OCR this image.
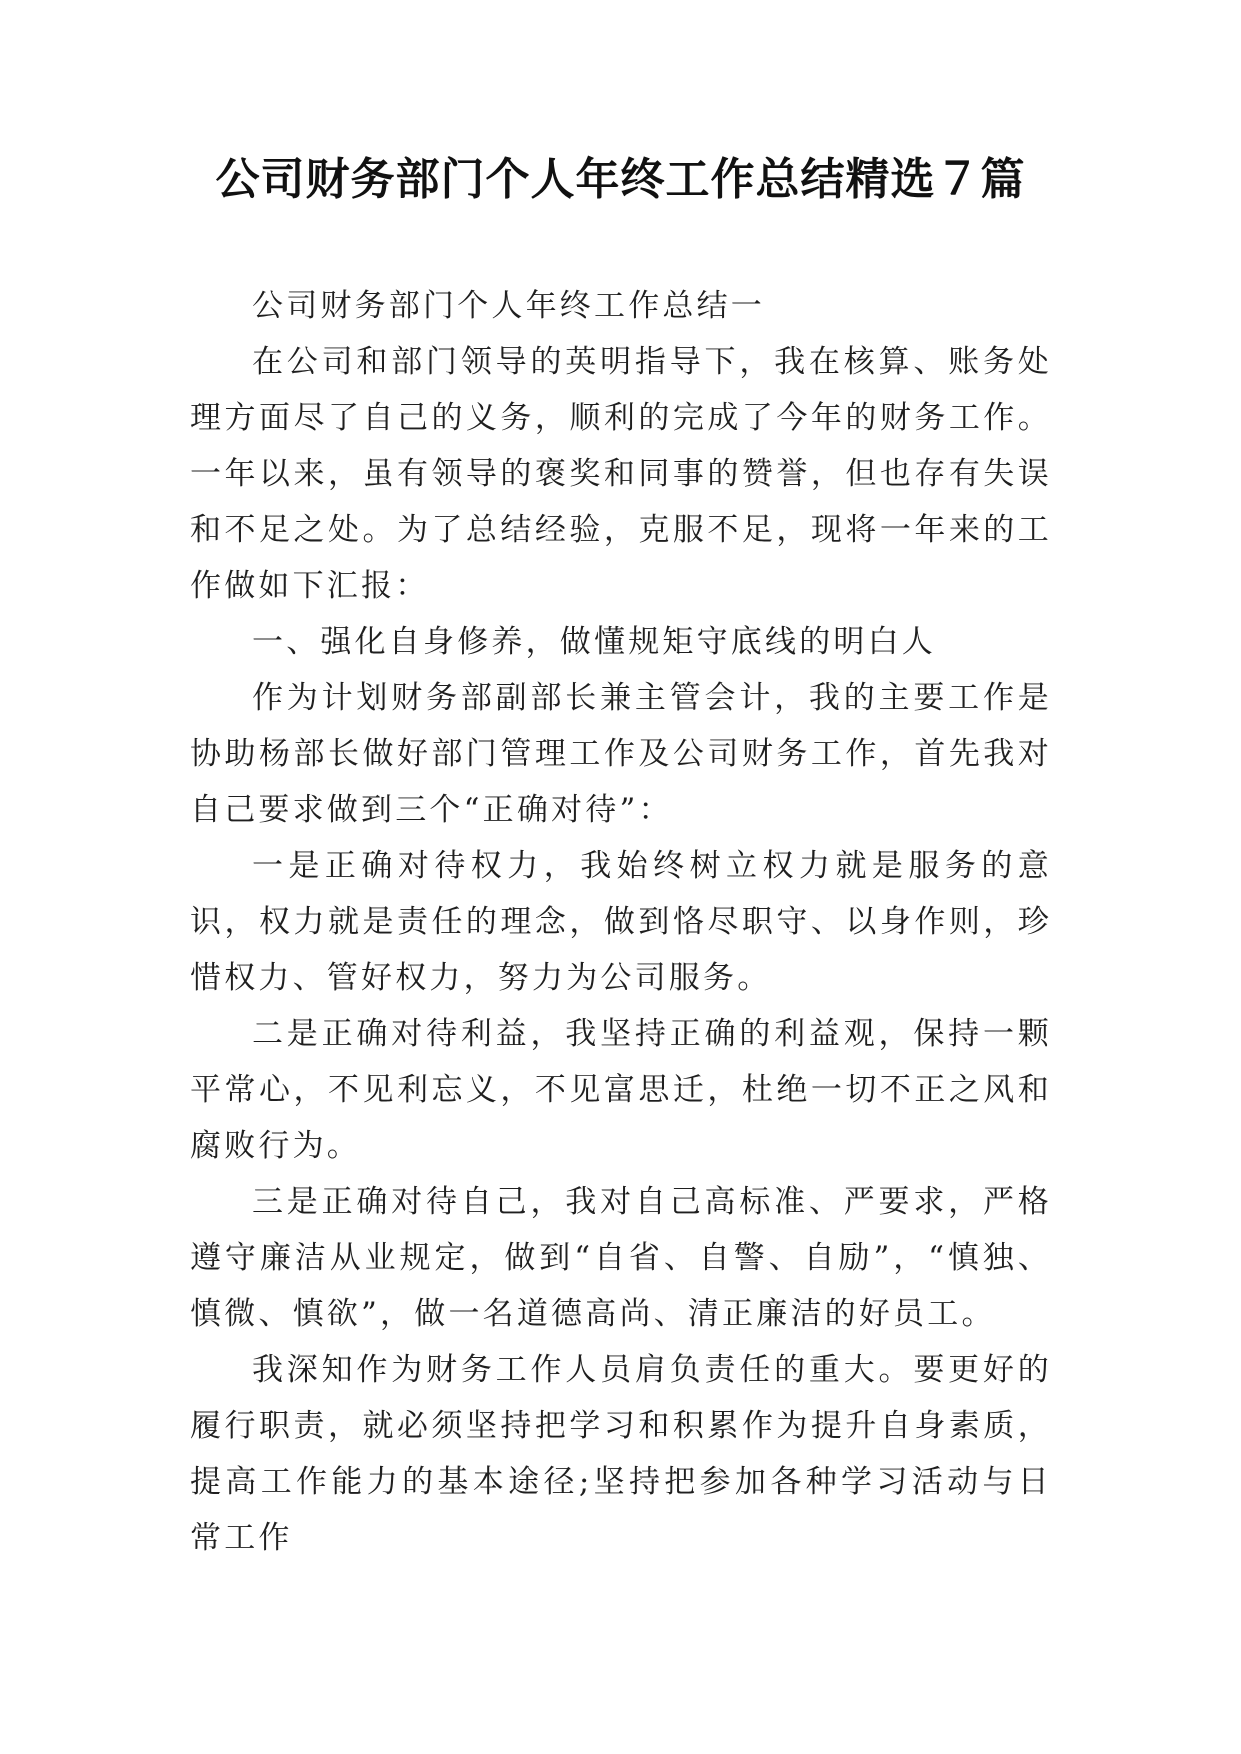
公司财务部门个人年终工作总结精选７篇

公司财务部门个人年终工作总结一

在公司和部门领导的英明指导下，我在核算、账务处理方面尽了自己的义务，顺利的完成了今年的财务工作。一年以来，虽有领导的褒奖和同事的赞誉，但也存有失误和不足之处。为了总结经验，克服不足，现将一年来的工作做如下汇报：

一、强化自身修养，做懂规矩守底线的明白人

作为计划财务部副部长兼主管会计，我的主要工作是协助杨部长做好部门管理工作及公司财务工作，首先我对自己要求做到三个“正确对待”：

一是正确对待权力，我始终树立权力就是服务的意识，权力就是责任的理念，做到恪尽职守、以身作则，珍惜权力、管好权力，努力为公司服务。

二是正确对待利益，我坚持正确的利益观，保持一颗平常心，不见利忘义，不见富思迁，杜绝一切不正之风和腐败行为。

三是正确对待自己，我对自己高标准、严要求，严格遵守廉洁从业规定，做到“自省、自警、自励”，“慎独、慎微、慎欲”，做一名道德高尚、清正廉洁的好员工。

我深知作为财务工作人员肩负责任的重大。要更好的履行职责，就必须坚持把学习和积累作为提升自身素质，提高工作能力的基本途径;坚持把参加各种学习活动与日常工作
